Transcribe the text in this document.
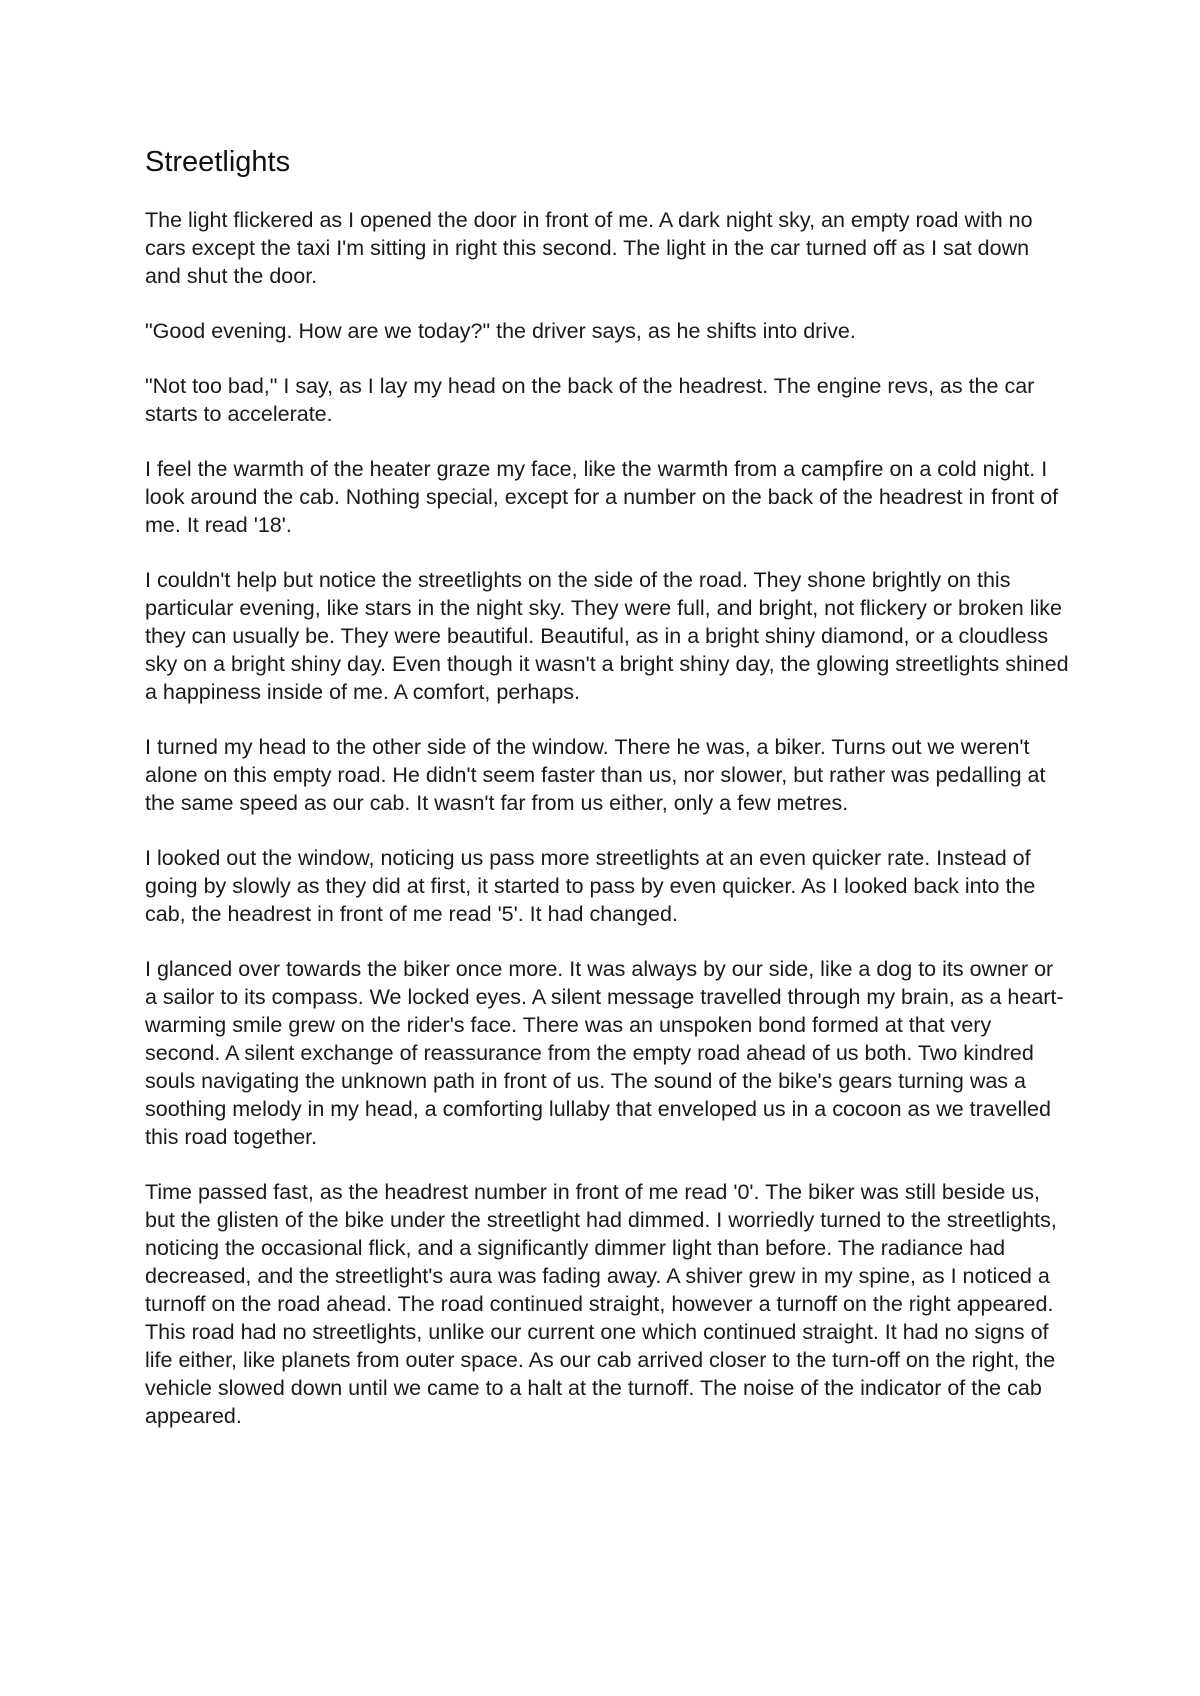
Streetlights

The light flickered as I opened the door in front of me. A dark night sky, an empty road with no cars except the taxi I'm sitting in right this second. The light in the car turned off as I sat down and shut the door.

"Good evening. How are we today?" the driver says, as he shifts into drive.

"Not too bad," I say, as I lay my head on the back of the headrest. The engine revs, as the car starts to accelerate.

I feel the warmth of the heater graze my face, like the warmth from a campfire on a cold night. I look around the cab. Nothing special, except for a number on the back of the headrest in front of me. It read '18'.

I couldn't help but notice the streetlights on the side of the road. They shone brightly on this particular evening, like stars in the night sky. They were full, and bright, not flickery or broken like they can usually be. They were beautiful. Beautiful, as in a bright shiny diamond, or a cloudless sky on a bright shiny day. Even though it wasn't a bright shiny day, the glowing streetlights shined a happiness inside of me. A comfort, perhaps.

I turned my head to the other side of the window. There he was, a biker. Turns out we weren't alone on this empty road. He didn't seem faster than us, nor slower, but rather was pedalling at the same speed as our cab. It wasn't far from us either, only a few metres.

I looked out the window, noticing us pass more streetlights at an even quicker rate. Instead of going by slowly as they did at first, it started to pass by even quicker. As I looked back into the cab, the headrest in front of me read '5'. It had changed.

I glanced over towards the biker once more. It was always by our side, like a dog to its owner or a sailor to its compass. We locked eyes. A silent message travelled through my brain, as a heart-warming smile grew on the rider's face. There was an unspoken bond formed at that very second. A silent exchange of reassurance from the empty road ahead of us both. Two kindred souls navigating the unknown path in front of us. The sound of the bike's gears turning was a soothing melody in my head, a comforting lullaby that enveloped us in a cocoon as we travelled this road together.

Time passed fast, as the headrest number in front of me read '0'. The biker was still beside us, but the glisten of the bike under the streetlight had dimmed. I worriedly turned to the streetlights, noticing the occasional flick, and a significantly dimmer light than before. The radiance had decreased, and the streetlight's aura was fading away. A shiver grew in my spine, as I noticed a turnoff on the road ahead. The road continued straight, however a turnoff on the right appeared. This road had no streetlights, unlike our current one which continued straight. It had no signs of life either, like planets from outer space. As our cab arrived closer to the turn-off on the right, the vehicle slowed down until we came to a halt at the turnoff. The noise of the indicator of the cab appeared.
